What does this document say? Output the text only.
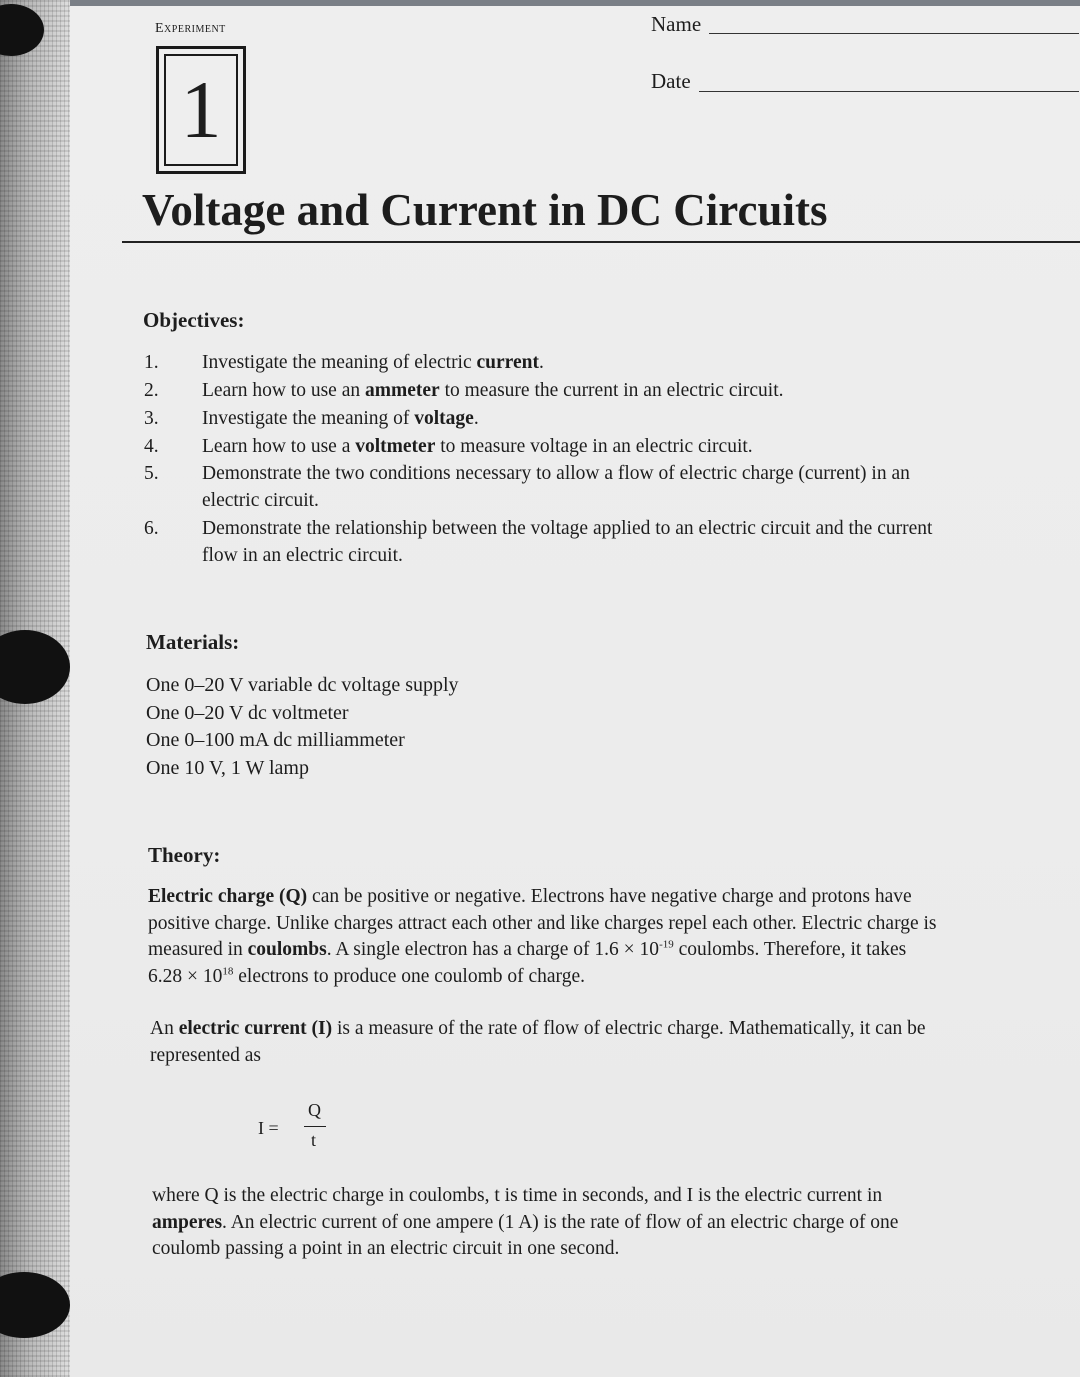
Experiment
1
Name
Date
Voltage and Current in DC Circuits
Objectives:
1. Investigate the meaning of electric current.
2. Learn how to use an ammeter to measure the current in an electric circuit.
3. Investigate the meaning of voltage.
4. Learn how to use a voltmeter to measure voltage in an electric circuit.
5. Demonstrate the two conditions necessary to allow a flow of electric charge (current) in an
electric circuit.
6. Demonstrate the relationship between the voltage applied to an electric circuit and the current
flow in an electric circuit.
Materials:
One 0–20 V variable dc voltage supply
One 0–20 V dc voltmeter
One 0–100 mA dc milliammeter
One 10 V, 1 W lamp
Theory:
Electric charge (Q) can be positive or negative. Electrons have negative charge and protons have
positive charge. Unlike charges attract each other and like charges repel each other. Electric charge is
measured in coulombs. A single electron has a charge of $1.6 \times 10^{-19}$ coulombs. Therefore, it takes
$6.28 \times 10^{18}$ electrons to produce one coulomb of charge.
An electric current (I) is a measure of the rate of flow of electric charge. Mathematically, it can be
represented as
I =
Q
t
where Q is the electric charge in coulombs, t is time in seconds, and I is the electric current in
amperes. An electric current of one ampere (1 A) is the rate of flow of an electric charge of one
coulomb passing a point in an electric circuit in one second.
